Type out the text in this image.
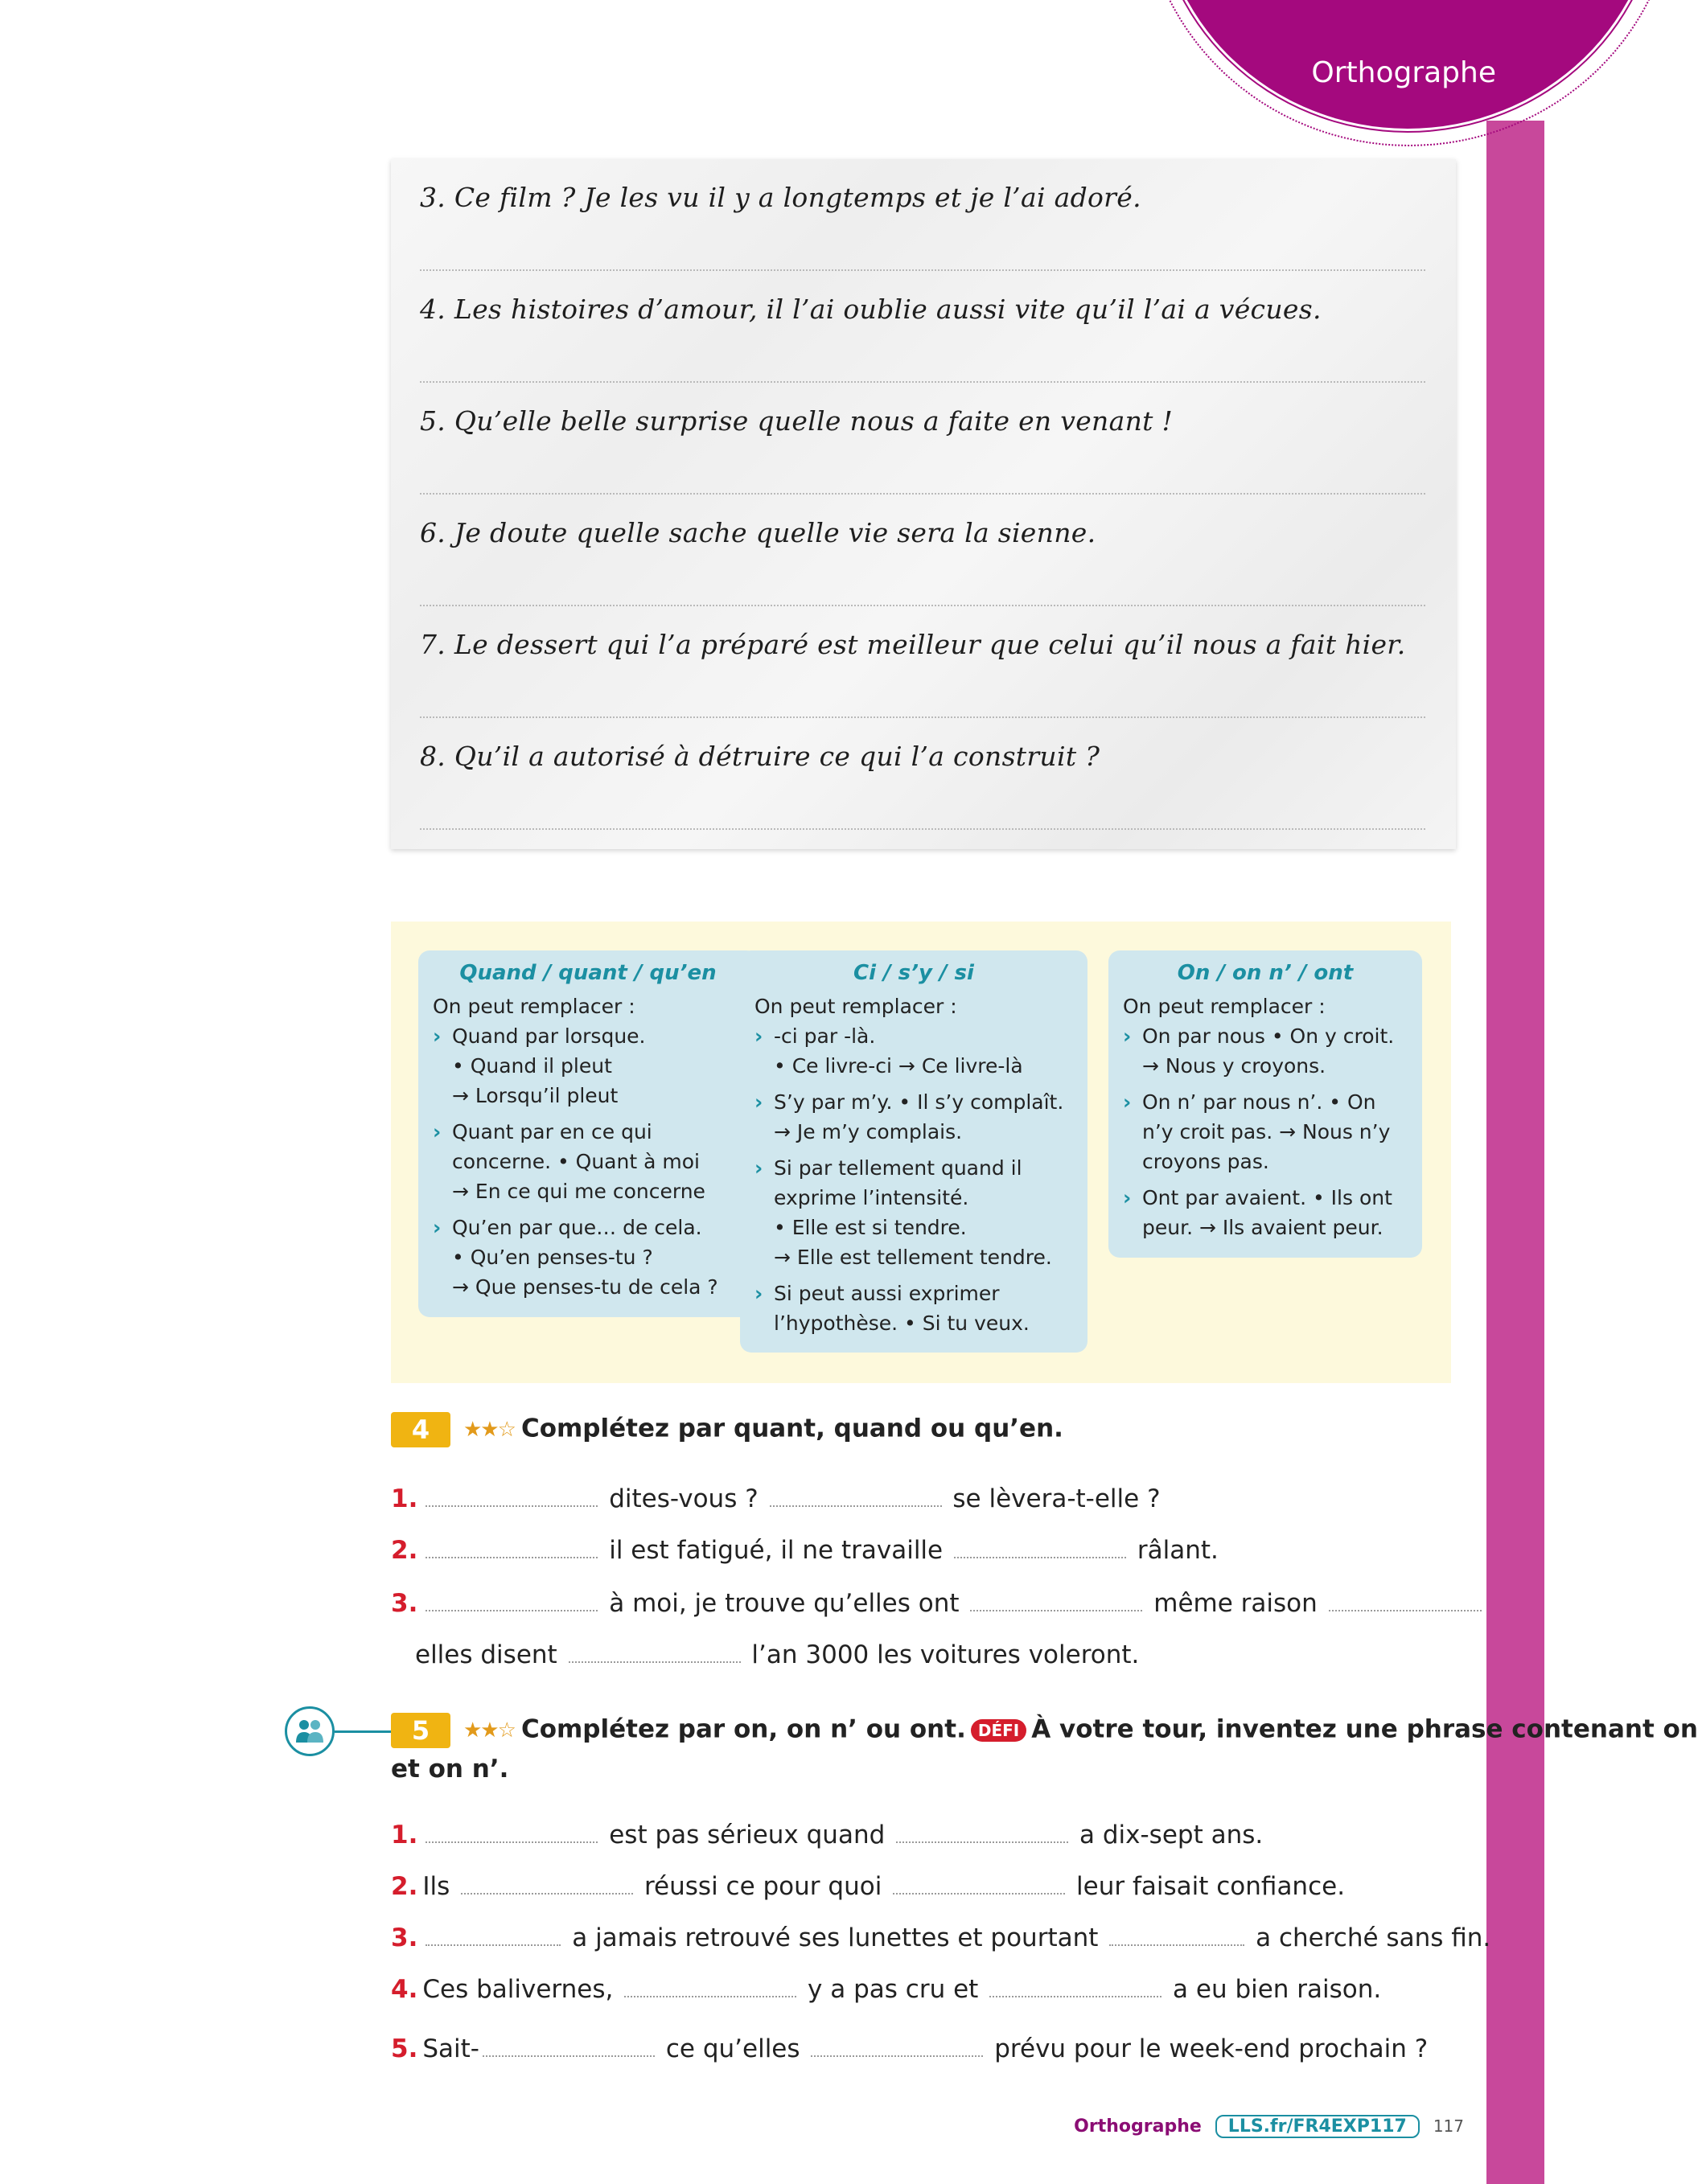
Orthographe
3. Ce film ? Je les vu il y a longtemps et je l’ai adoré.
4. Les histoires d’amour, il l’ai oublie aussi vite qu’il l’ai a vécues.
5. Qu’elle belle surprise quelle nous a faite en venant !
6. Je doute quelle sache quelle vie sera la sienne.
7. Le dessert qui l’a préparé est meilleur que celui qu’il nous a fait hier.
8. Qu’il a autorisé à détruire ce qui l’a construit ?
Quand / quant / qu’en

On peut remplacer :

› Quand par lorsque.
• Quand il pleut
→ Lorsqu’il pleut
› Quant par en ce qui
concerne. • Quant à moi
→ En ce qui me concerne
› Qu’en par que… de cela.
• Qu’en penses-tu ?
→ Que penses-tu de cela ?
Ci / s’y / si

On peut remplacer :

› -ci par -là.
• Ce livre-ci → Ce livre-là
› S’y par m’y. • Il s’y complaît.
→ Je m’y complais.
› Si par tellement quand il
exprime l’intensité.
• Elle est si tendre.
→ Elle est tellement tendre.
› Si peut aussi exprimer
l’hypothèse. • Si tu veux.
On / on n’ / ont

On peut remplacer :

› On par nous • On y croit.
→ Nous y croyons.
› On n’ par nous n’. • On
n’y croit pas. → Nous n’y
croyons pas.
› Ont par avaient. • Ils ont
peur. → Ils avaient peur.
4 ★★☆ Complétez par quant, quand ou qu’en.
1.	dites-vous ?	se lèvera-t-elle ?
2.	il est fatigué, il ne travaille	râlant.
3.	à moi, je trouve qu’elles ont	même raison
elles disent	l’an 3000 les voitures voleront.
5 ★★☆ Complétez par on, on n’ ou ont. DÉFI À votre tour, inventez une phrase contenant on
et on n’.
1.	est pas sérieux quand	a dix-sept ans.
2. Ils	réussi ce pour quoi	leur faisait confiance.
3.	a jamais retrouvé ses lunettes et pourtant	a cherché sans fin.
4. Ces balivernes,	y a pas cru et	a eu bien raison.
5. Sait-	ce qu’elles	prévu pour le week-end prochain ?
Orthographe LLS.fr/FR4EXP117 117
